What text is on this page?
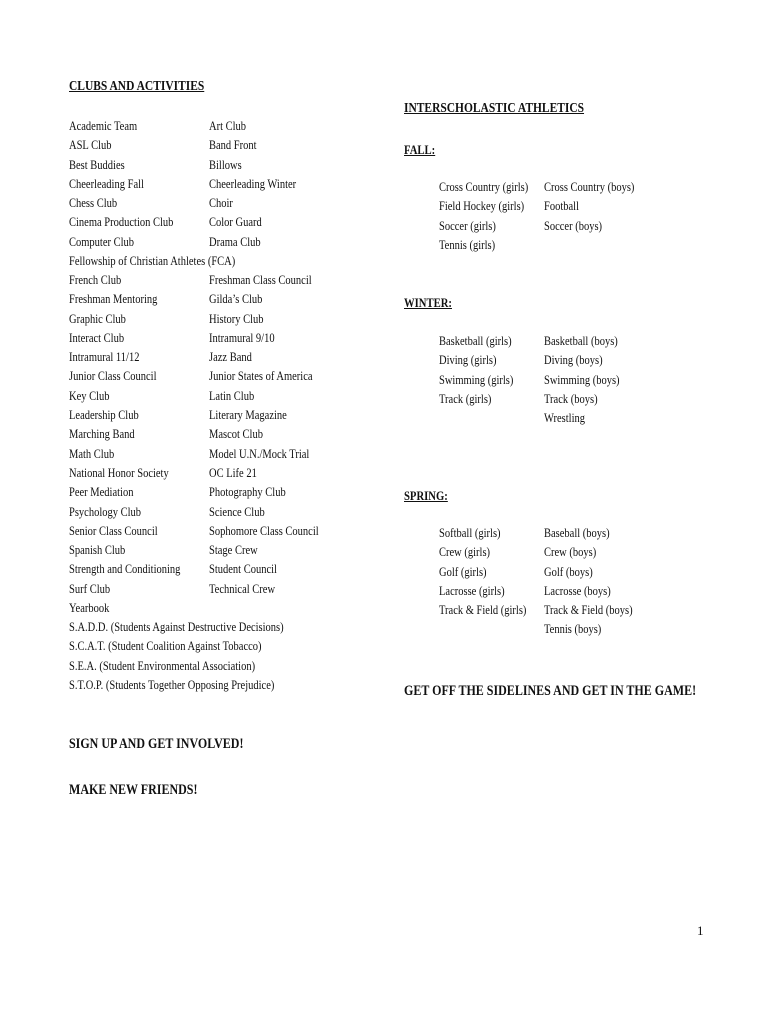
CLUBS AND ACTIVITIES
Academic Team
ASL Club
Best Buddies
Cheerleading Fall
Chess Club
Cinema Production Club
Computer Club
Art Club
Band Front
Billows
Cheerleading Winter
Choir
Color Guard
Drama Club
Fellowship of Christian Athletes (FCA)
French Club
Freshman Mentoring
Graphic Club
Interact Club
Intramural 11/12
Junior Class Council
Key Club
Leadership Club
Marching Band
Math Club
National Honor Society
Peer Mediation
Psychology Club
Senior Class Council
Spanish Club
Strength and Conditioning
Surf Club
Yearbook
Freshman Class Council
Gilda’s Club
History Club
Intramural 9/10
Jazz Band
Junior States of America
Latin Club
Literary Magazine
Mascot Club
Model U.N./Mock Trial
OC Life 21
Photography Club
Science Club
Sophomore Class Council
Stage Crew
Student Council
Technical Crew
S.A.D.D. (Students Against Destructive Decisions)
S.C.A.T. (Student Coalition Against Tobacco)
S.E.A. (Student Environmental Association)
S.T.O.P. (Students Together Opposing Prejudice)
INTERSCHOLASTIC ATHLETICS
FALL:
Cross Country (girls)
Field Hockey (girls)
Soccer (girls)
Tennis (girls)
Cross Country (boys)
Football
Soccer (boys)
WINTER:
Basketball (girls)
Diving (girls)
Swimming (girls)
Track (girls)
Basketball (boys)
Diving (boys)
Swimming (boys)
Track (boys)
Wrestling
SPRING:
Softball (girls)
Crew (girls)
Golf (girls)
Lacrosse (girls)
Track & Field (girls)
Baseball (boys)
Crew (boys)
Golf (boys)
Lacrosse (boys)
Track & Field (boys)
Tennis (boys)
GET OFF THE SIDELINES AND GET IN THE GAME!
SIGN UP AND GET INVOLVED!
MAKE NEW FRIENDS!
1
